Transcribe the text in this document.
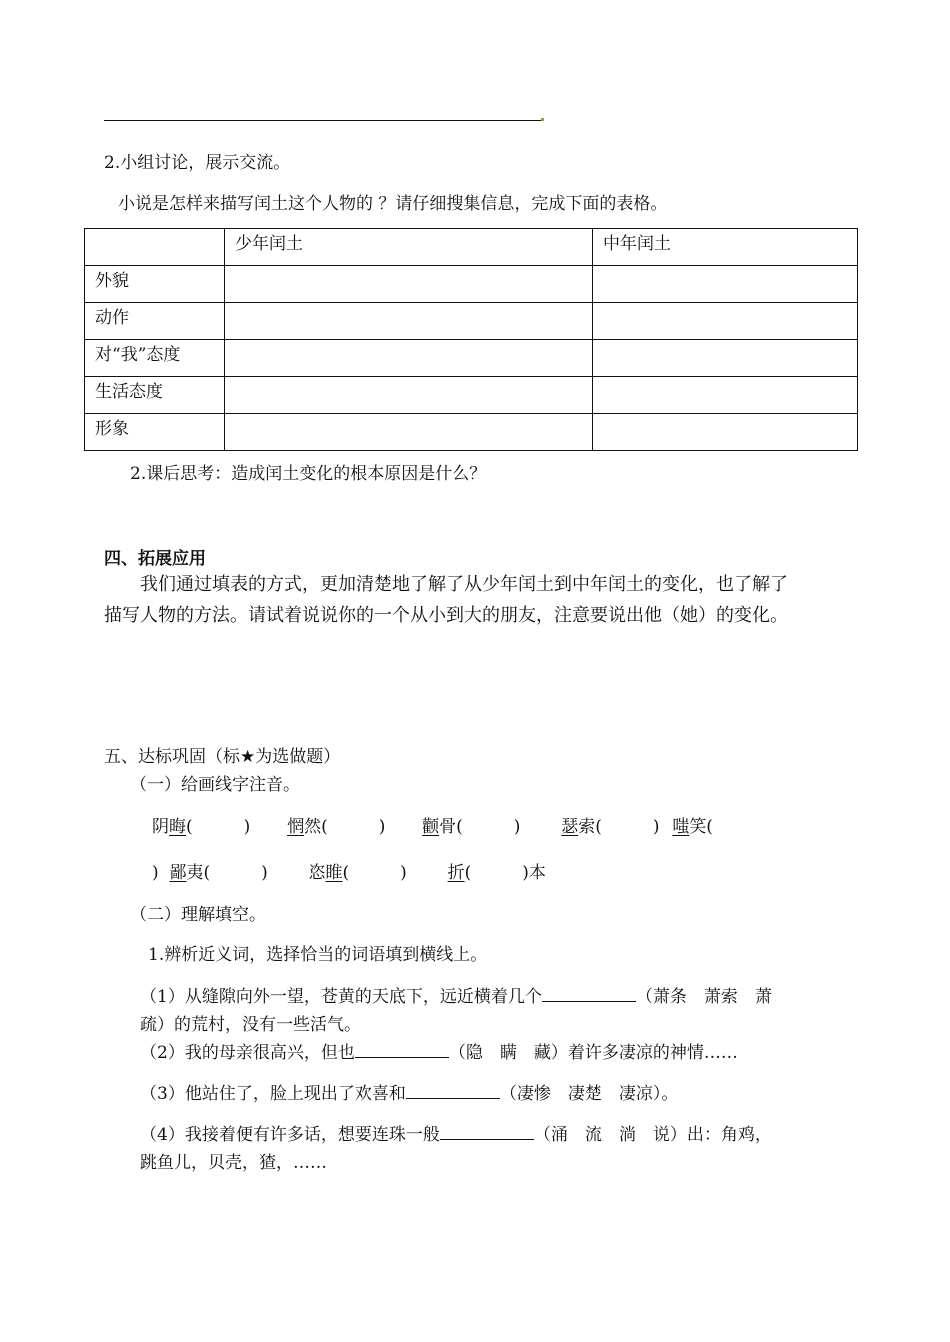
2.小组讨论，展示交流。
小说是怎样来描写闰土这个人物的 ？请仔细搜集信息，完成下面的表格。
	少年闰土	中年闰土
外貌		
动作		
对“我”态度		
生活态度		
形象		
2.课后思考：造成闰土变化的根本原因是什么？
四、拓展应用
我们通过填表的方式，更加清楚地了解了从少年闰土到中年闰土的变化，也了解了
描写人物的方法。请试着说说你的一个从小到大的朋友，注意要说出他（她）的变化。
五、达标巩固（标★为选做题）
（一）给画线字注音。
阴晦(　　　) 惘然(　　　) 颧骨(　　　) 瑟索(　　　) 嗤笑(
) 鄙夷(　　　) 恣睢(　　　) 折(　　　)本
（二）理解填空。
1.辨析近义词，选择恰当的词语填到横线上。
（1）从缝隙向外一望，苍黄的天底下，远近横着几个	（萧条　萧索　萧
疏）的荒村，没有一些活气。
（2）我的母亲很高兴，但也	（隐　瞒　藏）着许多凄凉的神情……
（3）他站住了，脸上现出了欢喜和	（凄惨　凄楚　凄凉）。
（4）我接着便有许多话，想要连珠一般	（涌　流　淌　说）出：角鸡，
跳鱼儿，贝壳，猹，……
